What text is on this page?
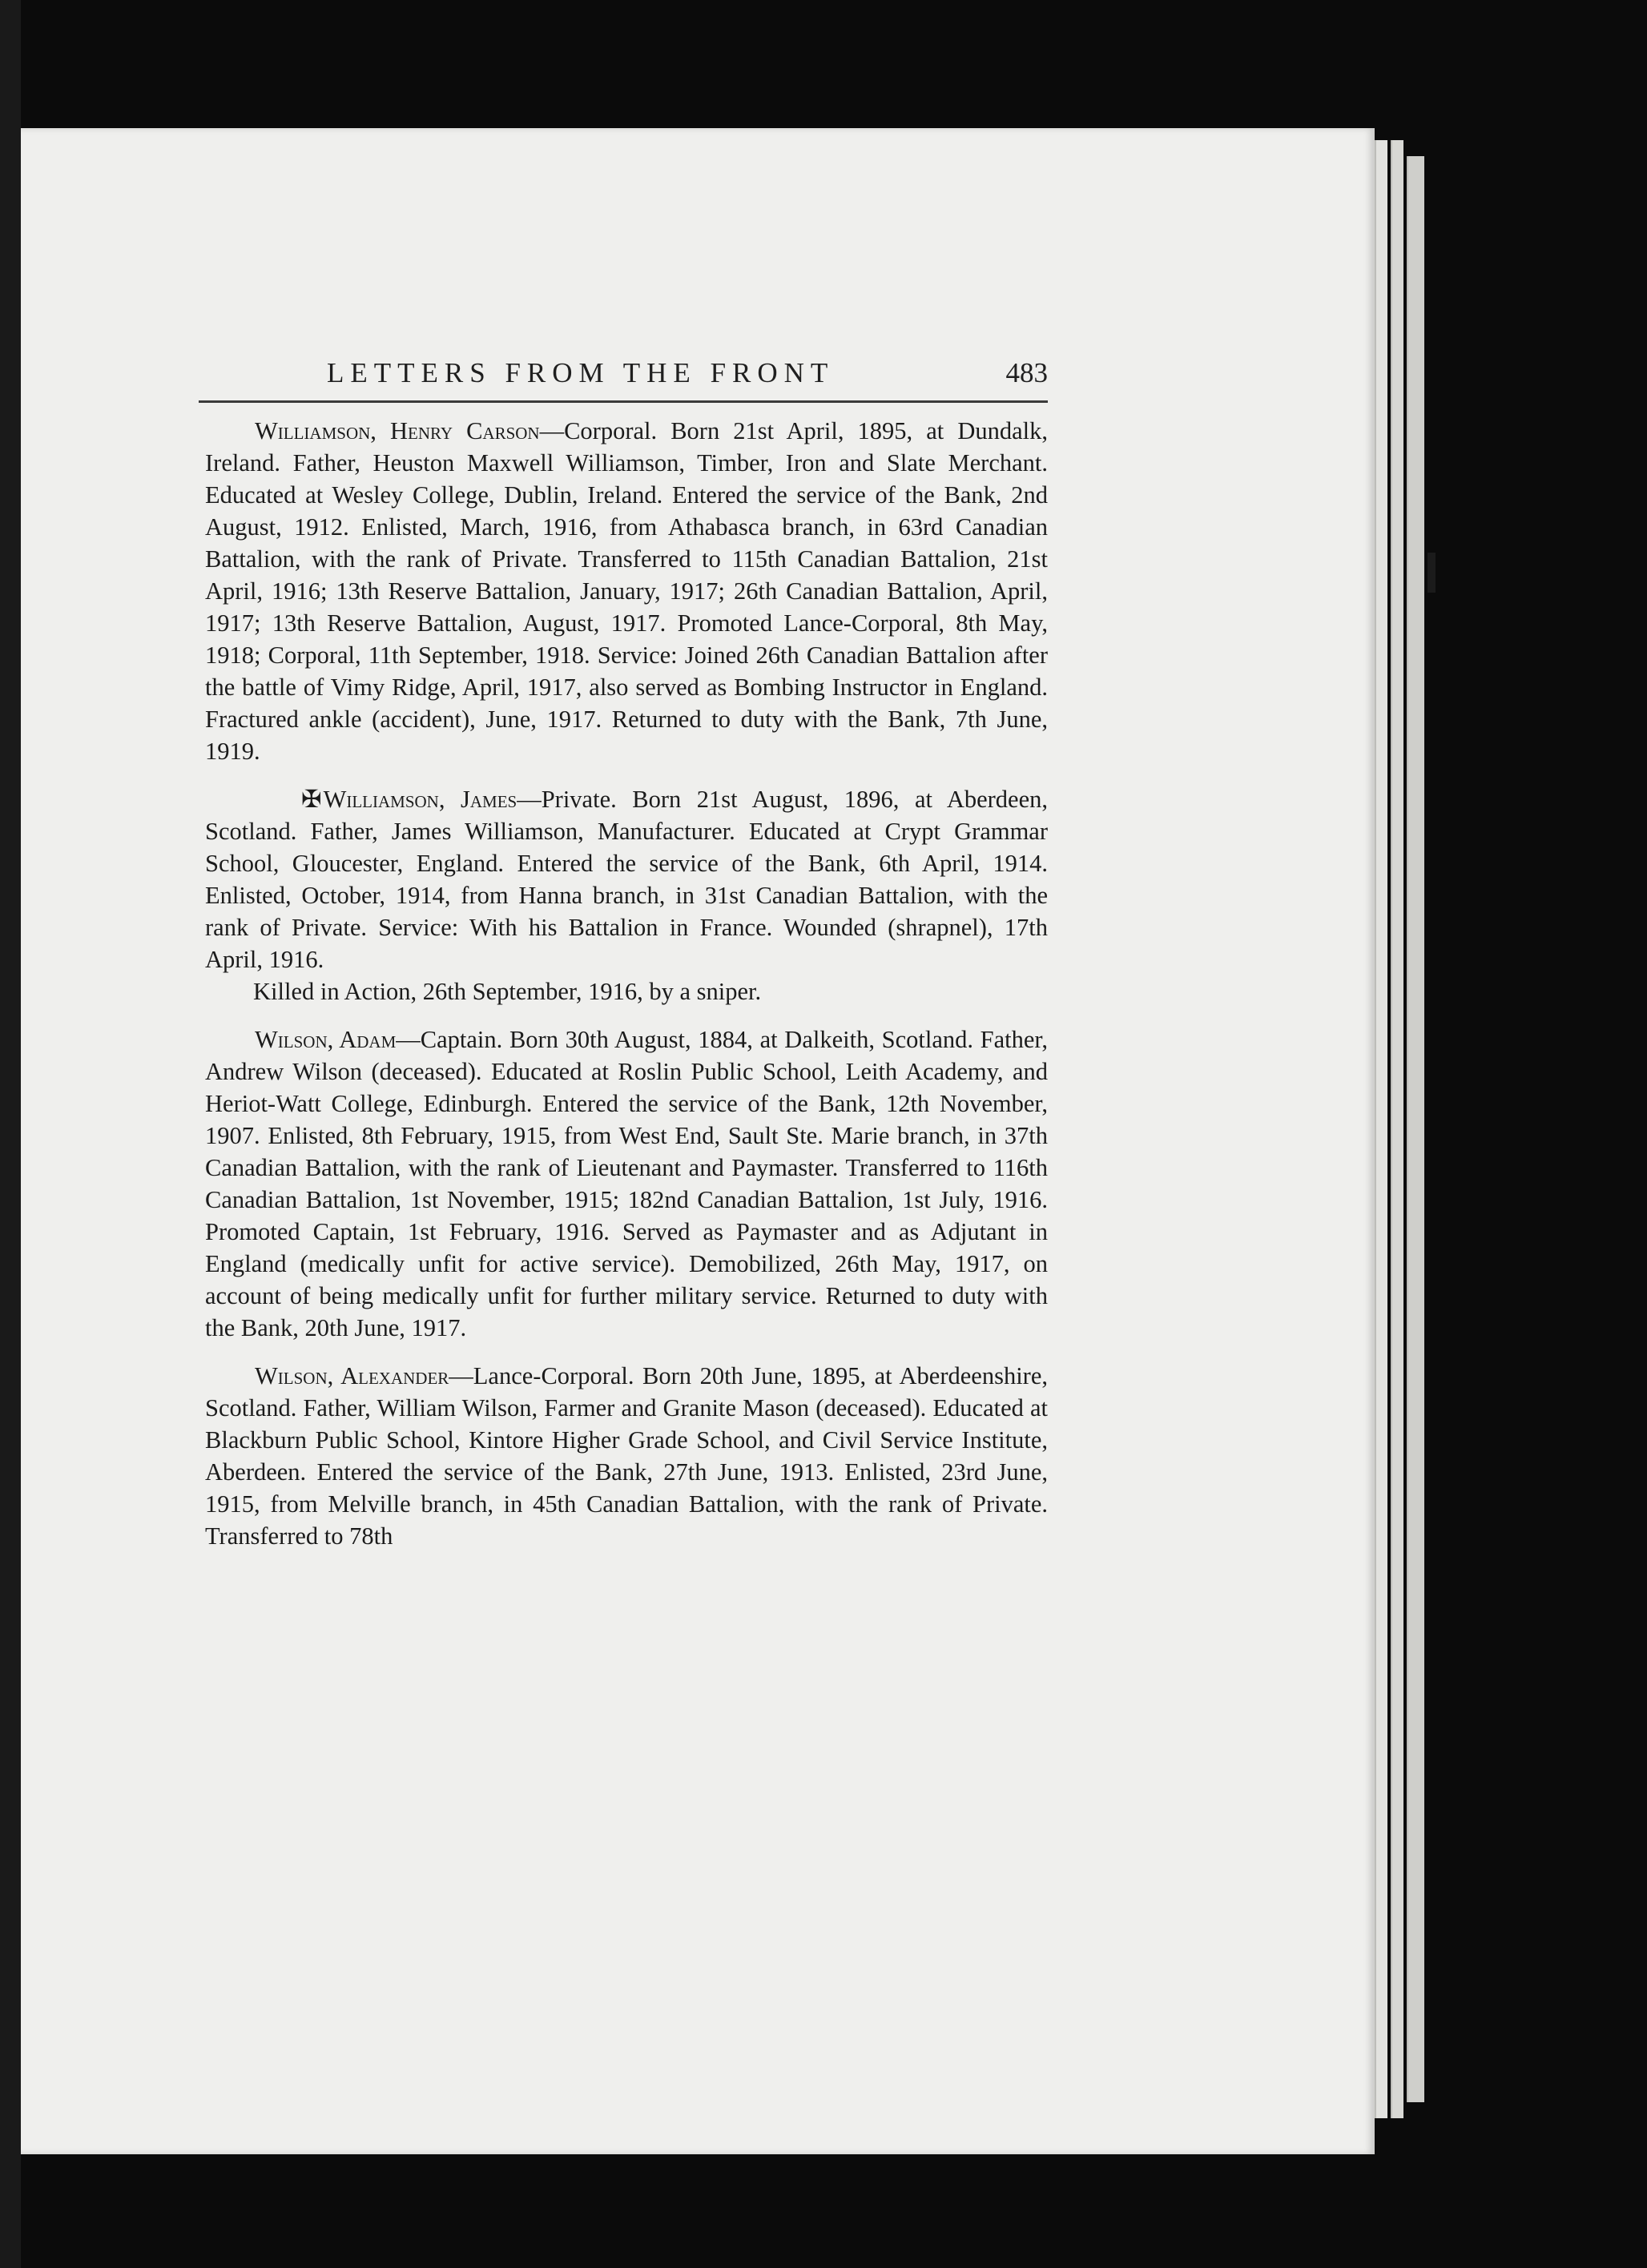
LETTERS FROM THE FRONT	483

Williamson, Henry Carson—Corporal. Born 21st April, 1895, at Dundalk, Ireland. Father, Heuston Maxwell Williamson, Timber, Iron and Slate Merchant. Educated at Wesley College, Dublin, Ireland. Entered the service of the Bank, 2nd August, 1912. Enlisted, March, 1916, from Athabasca branch, in 63rd Canadian Battalion, with the rank of Private. Transferred to 115th Canadian Battalion, 21st April, 1916; 13th Reserve Battalion, January, 1917; 26th Canadian Battalion, April, 1917; 13th Reserve Battalion, August, 1917. Promoted Lance-Corporal, 8th May, 1918; Corporal, 11th September, 1918. Service: Joined 26th Canadian Battalion after the battle of Vimy Ridge, April, 1917, also served as Bombing Instructor in England. Fractured ankle (accident), June, 1917. Returned to duty with the Bank, 7th June, 1919.

✠Williamson, James—Private. Born 21st August, 1896, at Aberdeen, Scotland. Father, James Williamson, Manufacturer. Educated at Crypt Grammar School, Gloucester, England. Entered the service of the Bank, 6th April, 1914. Enlisted, October, 1914, from Hanna branch, in 31st Canadian Battalion, with the rank of Private. Service: With his Battalion in France. Wounded (shrapnel), 17th April, 1916.

Killed in Action, 26th September, 1916, by a sniper.

Wilson, Adam—Captain. Born 30th August, 1884, at Dalkeith, Scotland. Father, Andrew Wilson (deceased). Educated at Roslin Public School, Leith Academy, and Heriot-Watt College, Edinburgh. Entered the service of the Bank, 12th November, 1907. Enlisted, 8th February, 1915, from West End, Sault Ste. Marie branch, in 37th Canadian Battalion, with the rank of Lieutenant and Paymaster. Transferred to 116th Canadian Battalion, 1st November, 1915; 182nd Canadian Battalion, 1st July, 1916. Promoted Captain, 1st February, 1916. Served as Paymaster and as Adjutant in England (medically unfit for active service). Demobilized, 26th May, 1917, on account of being medically unfit for further military service. Returned to duty with the Bank, 20th June, 1917.

Wilson, Alexander—Lance-Corporal. Born 20th June, 1895, at Aberdeenshire, Scotland. Father, William Wilson, Farmer and Granite Mason (deceased). Educated at Blackburn Public School, Kintore Higher Grade School, and Civil Service Institute, Aberdeen. Entered the service of the Bank, 27th June, 1913. Enlisted, 23rd June, 1915, from Melville branch, in 45th Canadian Battalion, with the rank of Private. Transferred to 78th
